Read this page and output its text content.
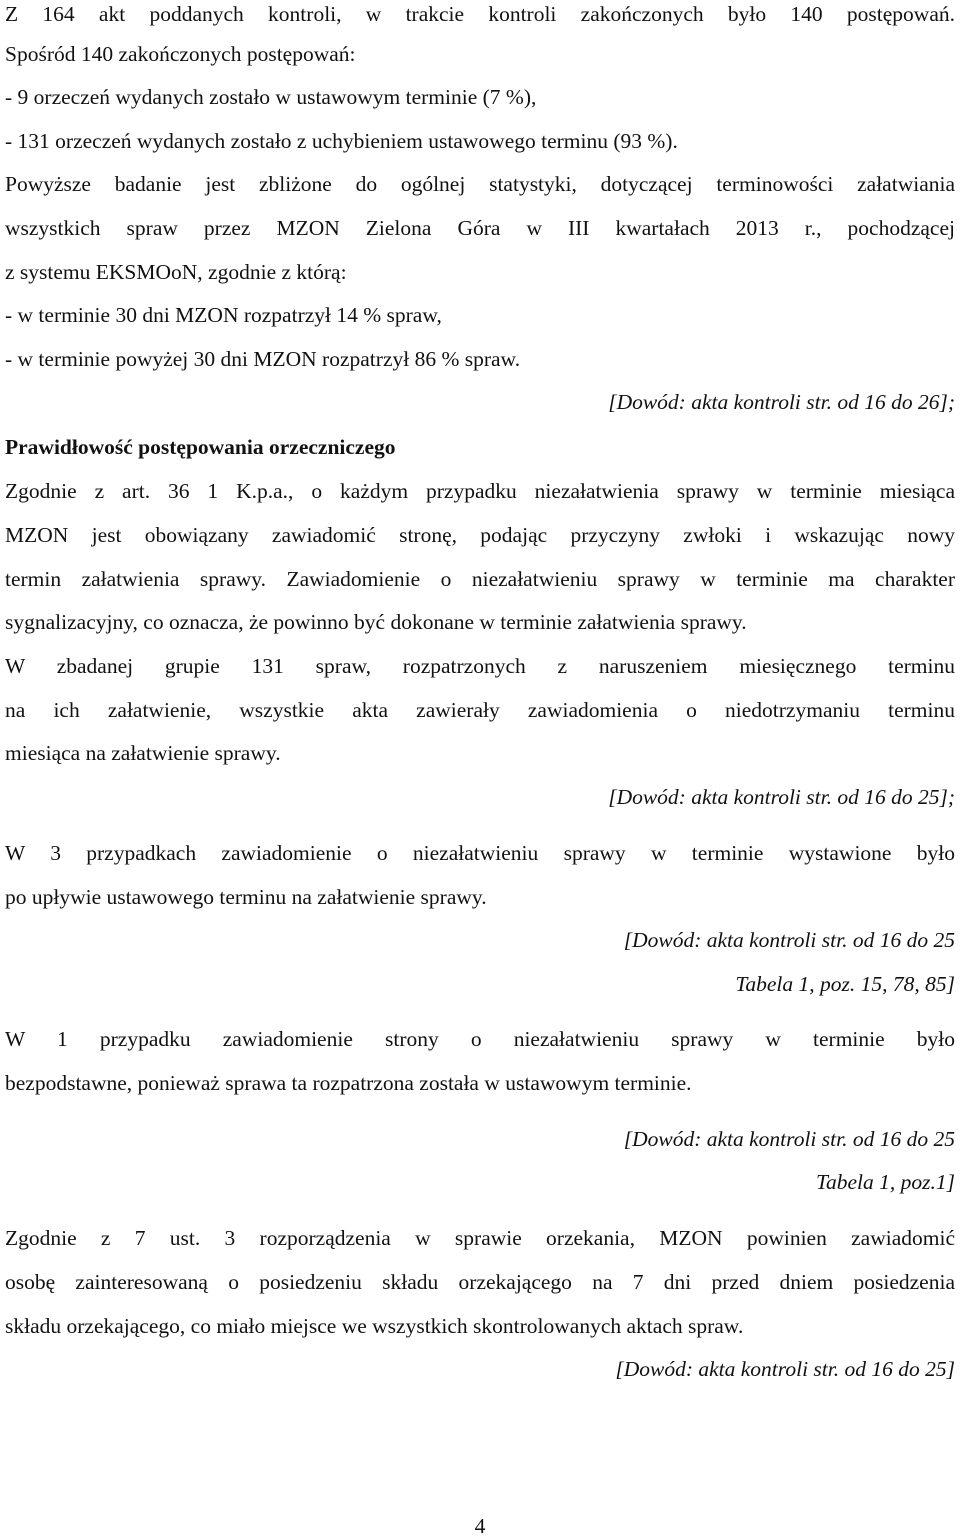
Z 164 akt poddanych kontroli, w trakcie kontroli zakończonych było 140 postępowań.
Spośród 140 zakończonych postępowań:
- 9 orzeczeń wydanych zostało w ustawowym terminie (7 %),
- 131 orzeczeń wydanych zostało z uchybieniem ustawowego terminu (93 %).
Powyższe badanie jest zbliżone do ogólnej statystyki, dotyczącej terminowości załatwiania
wszystkich spraw przez MZON Zielona Góra w III kwartałach 2013 r., pochodzącej
z systemu EKSMOoN, zgodnie z którą:
- w terminie 30 dni MZON rozpatrzył 14 % spraw,
- w terminie powyżej 30 dni MZON rozpatrzył 86 % spraw.
[Dowód: akta kontroli str. od 16 do 26];
Prawidłowość postępowania orzeczniczego
Zgodnie z art. 36 1 K.p.a., o każdym przypadku niezałatwienia sprawy w terminie miesiąca
MZON jest obowiązany zawiadomić stronę, podając przyczyny zwłoki i wskazując nowy
termin załatwienia sprawy. Zawiadomienie o niezałatwieniu sprawy w terminie ma charakter
sygnalizacyjny, co oznacza, że powinno być dokonane w terminie załatwienia sprawy.
W zbadanej grupie 131 spraw, rozpatrzonych z naruszeniem miesięcznego terminu
na ich załatwienie, wszystkie akta zawierały zawiadomienia o niedotrzymaniu terminu
miesiąca na załatwienie sprawy.
[Dowód: akta kontroli str. od 16 do 25];
W 3 przypadkach zawiadomienie o niezałatwieniu sprawy w terminie wystawione było
po upływie ustawowego terminu na załatwienie sprawy.
[Dowód: akta kontroli str. od 16 do 25
Tabela 1, poz. 15, 78, 85]
W 1 przypadku zawiadomienie strony o niezałatwieniu sprawy w terminie było
bezpodstawne, ponieważ sprawa ta rozpatrzona została w ustawowym terminie.
[Dowód: akta kontroli str. od 16 do 25
Tabela 1, poz.1]
Zgodnie z 7 ust. 3 rozporządzenia w sprawie orzekania, MZON powinien zawiadomić
osobę zainteresowaną o posiedzeniu składu orzekającego na 7 dni przed dniem posiedzenia
składu orzekającego, co miało miejsce we wszystkich skontrolowanych aktach spraw.
[Dowód: akta kontroli str. od 16 do 25]
4
